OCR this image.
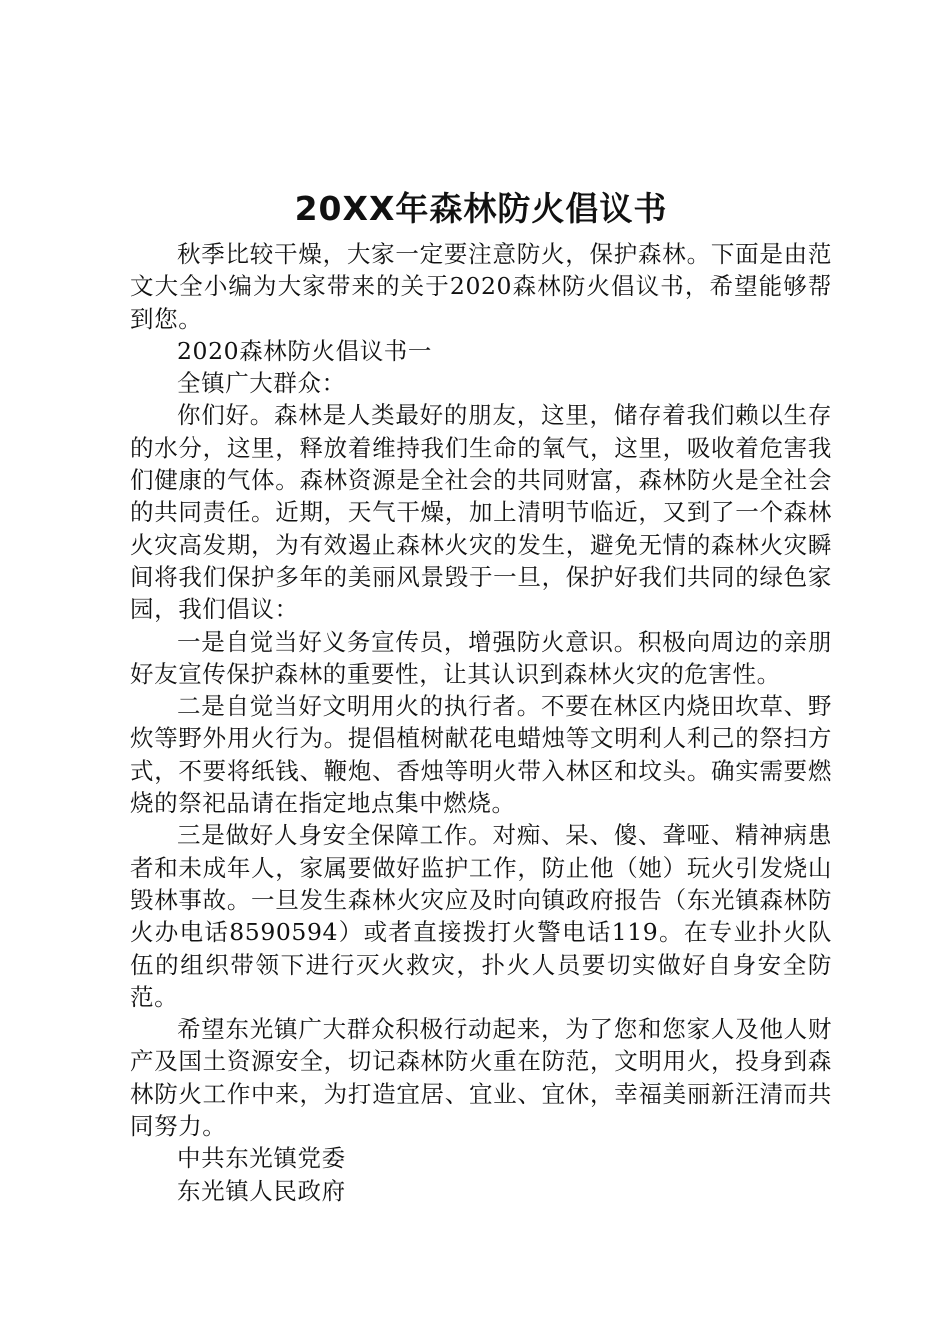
20XX年森林防火倡议书

秋季比较干燥，大家一定要注意防火，保护森林。下面是由范文大全小编为大家带来的关于2020森林防火倡议书，希望能够帮到您。

2020森林防火倡议书一

全镇广大群众：

你们好。森林是人类最好的朋友，这里，储存着我们赖以生存的水分，这里，释放着维持我们生命的氧气，这里，吸收着危害我们健康的气体。森林资源是全社会的共同财富，森林防火是全社会的共同责任。近期，天气干燥，加上清明节临近，又到了一个森林火灾高发期，为有效遏止森林火灾的发生，避免无情的森林火灾瞬间将我们保护多年的美丽风景毁于一旦，保护好我们共同的绿色家园，我们倡议：

一是自觉当好义务宣传员，增强防火意识。积极向周边的亲朋好友宣传保护森林的重要性，让其认识到森林火灾的危害性。

二是自觉当好文明用火的执行者。不要在林区内烧田坎草、野炊等野外用火行为。提倡植树献花电蜡烛等文明利人利己的祭扫方式，不要将纸钱、鞭炮、香烛等明火带入林区和坟头。确实需要燃烧的祭祀品请在指定地点集中燃烧。

三是做好人身安全保障工作。对痴、呆、傻、聋哑、精神病患者和未成年人，家属要做好监护工作，防止他（她）玩火引发烧山毁林事故。一旦发生森林火灾应及时向镇政府报告（东光镇森林防火办电话8590594）或者直接拨打火警电话119。在专业扑火队伍的组织带领下进行灭火救灾，扑火人员要切实做好自身安全防范。

希望东光镇广大群众积极行动起来，为了您和您家人及他人财产及国土资源安全，切记森林防火重在防范，文明用火，投身到森林防火工作中来，为打造宜居、宜业、宜休，幸福美丽新汪清而共同努力。

中共东光镇党委

东光镇人民政府
